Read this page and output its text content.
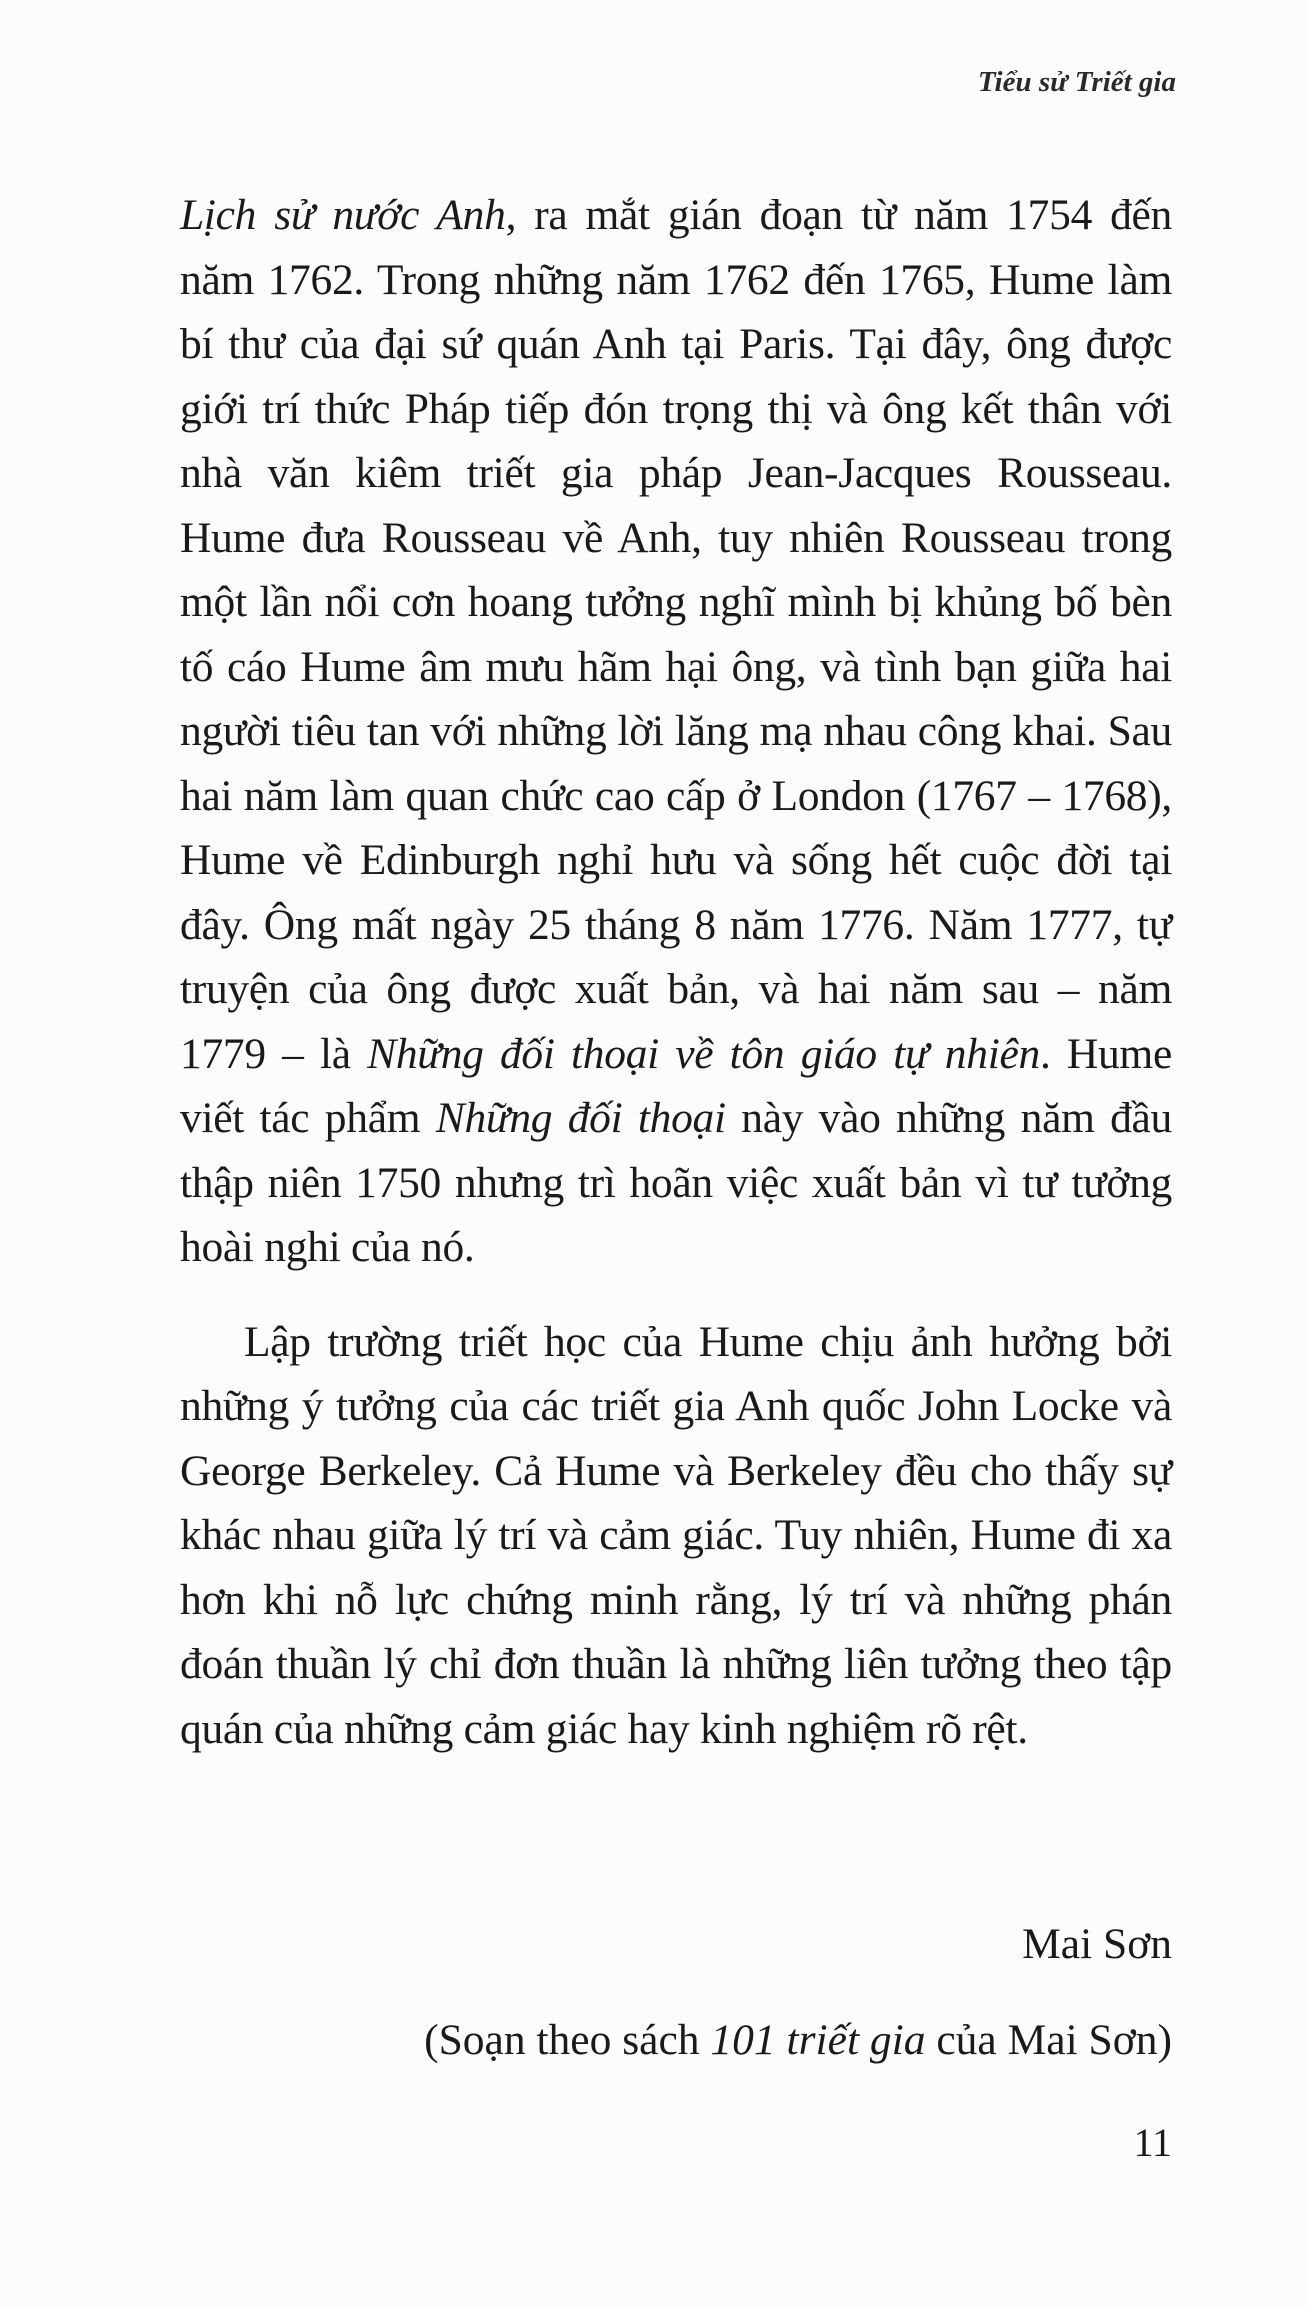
Tiểu sử Triết gia

Lịch sử nước Anh, ra mắt gián đoạn từ năm 1754 đến năm 1762. Trong những năm 1762 đến 1765, Hume làm bí thư của đại sứ quán Anh tại Paris. Tại đây, ông được giới trí thức Pháp tiếp đón trọng thị và ông kết thân với nhà văn kiêm triết gia pháp Jean-Jacques Rousseau. Hume đưa Rousseau về Anh, tuy nhiên Rousseau trong một lần nổi cơn hoang tưởng nghĩ mình bị khủng bố bèn tố cáo Hume âm mưu hãm hại ông, và tình bạn giữa hai người tiêu tan với những lời lăng mạ nhau công khai. Sau hai năm làm quan chức cao cấp ở London (1767 – 1768), Hume về Edinburgh nghỉ hưu và sống hết cuộc đời tại đây. Ông mất ngày 25 tháng 8 năm 1776. Năm 1777, tự truyện của ông được xuất bản, và hai năm sau – năm 1779 – là Những đối thoại về tôn giáo tự nhiên. Hume viết tác phẩm Những đối thoại này vào những năm đầu thập niên 1750 nhưng trì hoãn việc xuất bản vì tư tưởng hoài nghi của nó.

Lập trường triết học của Hume chịu ảnh hưởng bởi những ý tưởng của các triết gia Anh quốc John Locke và George Berkeley. Cả Hume và Berkeley đều cho thấy sự khác nhau giữa lý trí và cảm giác. Tuy nhiên, Hume đi xa hơn khi nỗ lực chứng minh rằng, lý trí và những phán đoán thuần lý chỉ đơn thuần là những liên tưởng theo tập quán của những cảm giác hay kinh nghiệm rõ rệt.

Mai Sơn
(Soạn theo sách 101 triết gia của Mai Sơn)
11
